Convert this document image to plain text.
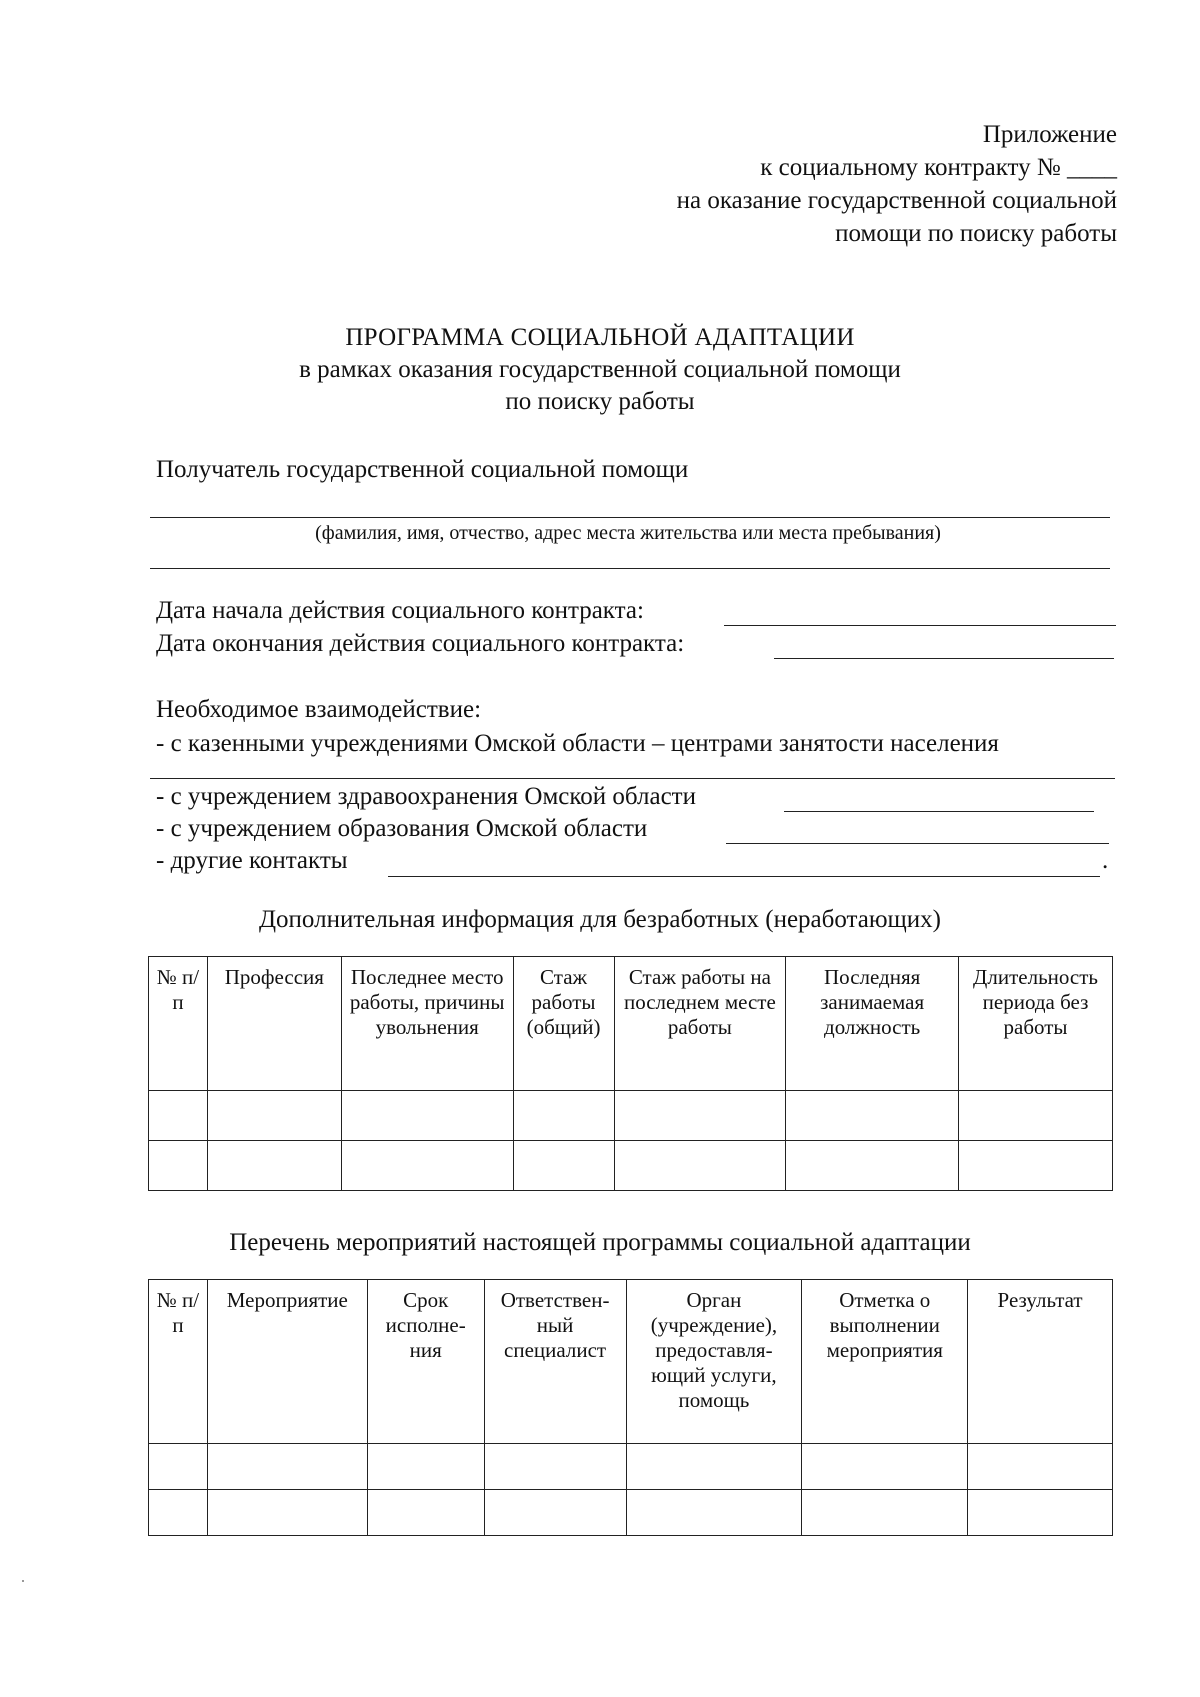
Приложение
к социальному контракту № ____
на оказание государственной социальной
помощи по поиску работы
ПРОГРАММА СОЦИАЛЬНОЙ АДАПТАЦИИ
в рамках оказания государственной социальной помощи
по поиску работы
Получатель государственной социальной помощи
(фамилия, имя, отчество, адрес места жительства или места пребывания)
Дата начала действия социального контракта:
Дата окончания действия социального контракта:
Необходимое взаимодействие:
- с казенными учреждениями Омской области – центрами занятости населения
- с учреждением здравоохранения Омской области
- с учреждением образования Омской области
- другие контакты	.
Дополнительная информация для безработных (неработающих)
№ п/п	Профессия	Последнее место работы, причины увольнения	Стаж работы (общий)	Стаж работы на последнем месте работы	Последняя занимаемая должность	Длительность периода без работы

Перечень мероприятий настоящей программы социальной адаптации
№ п/п	Мероприятие	Срок исполне-ния	Ответствен-ный специалист	Орган (учреждение), предоставля-ющий услуги, помощь	Отметка о выполнении мероприятия	Результат
